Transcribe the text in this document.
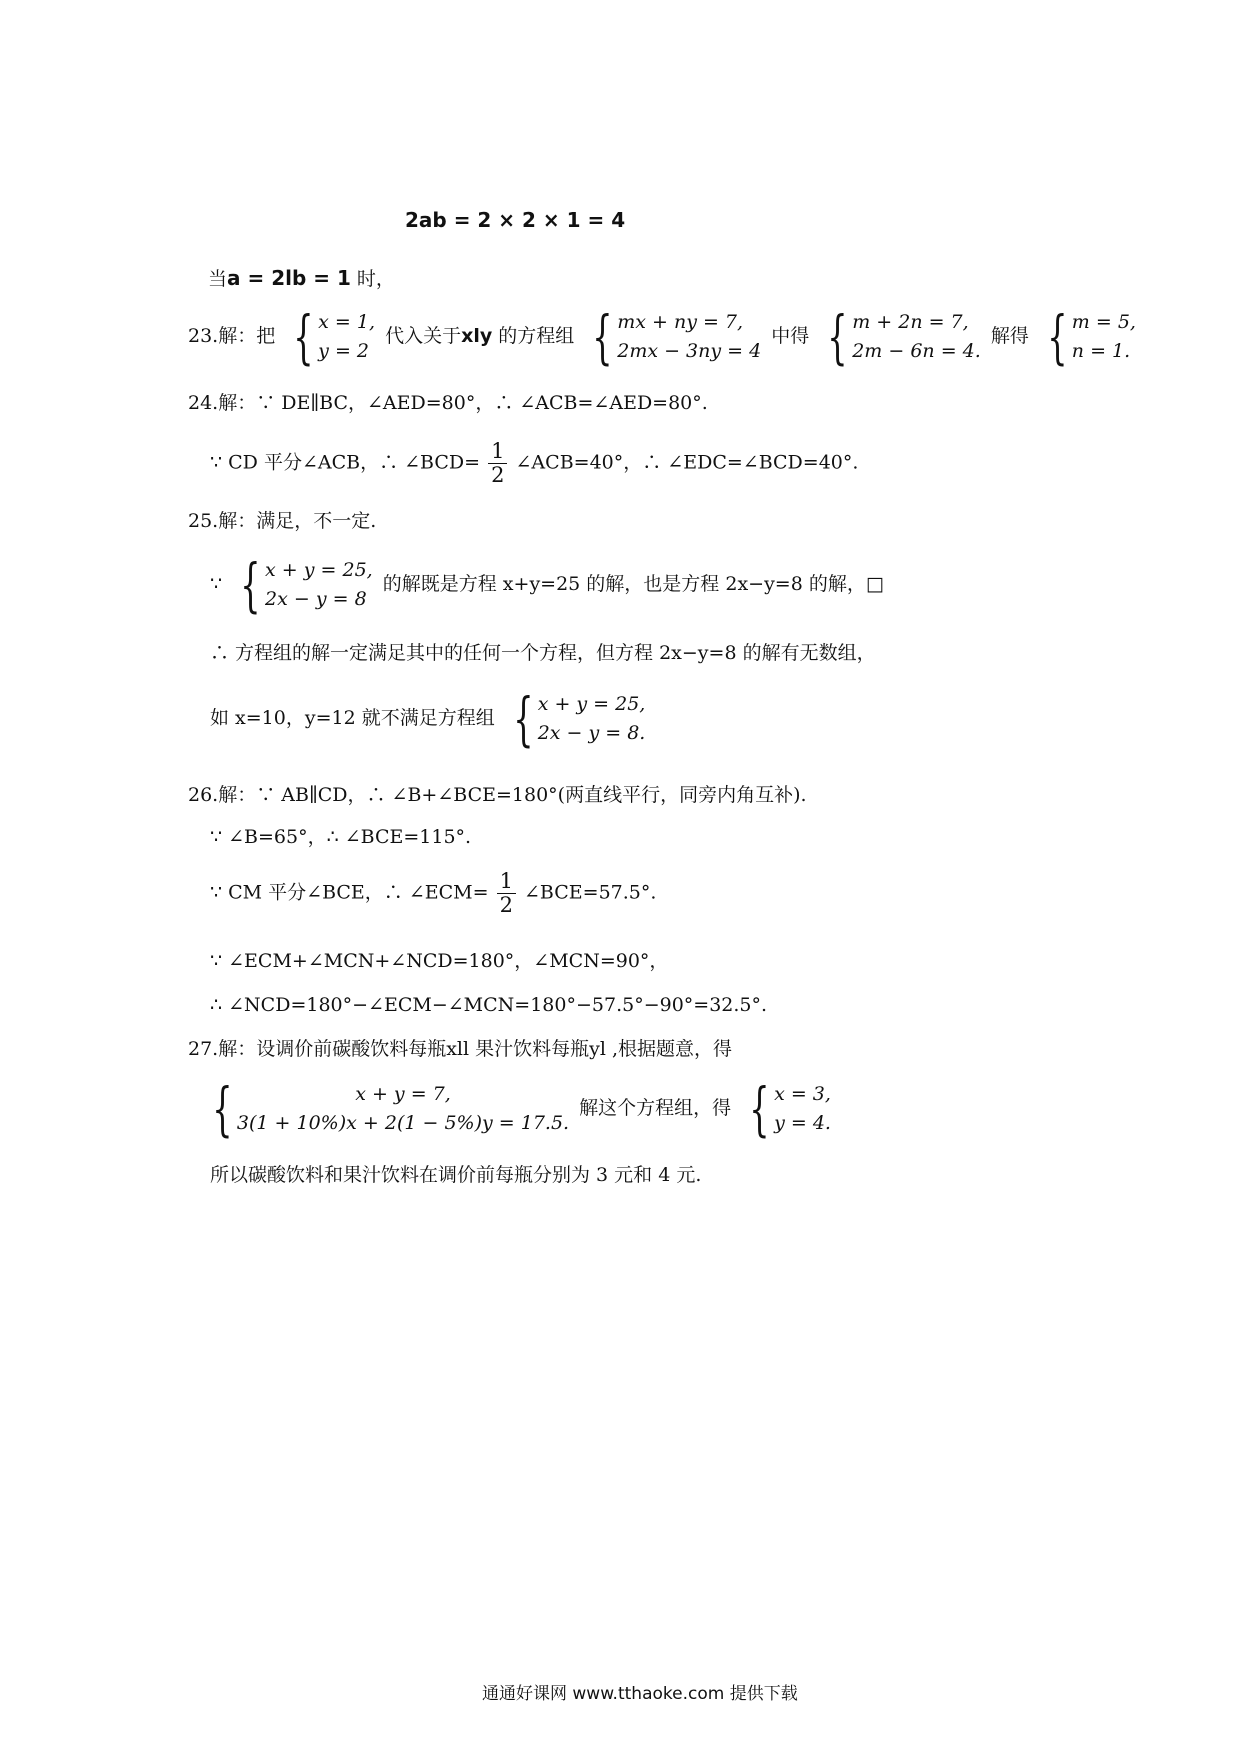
2ab = 2 × 2 × 1 = 4
当a = 2lb = 1 时，
23.解：把 { x = 1,
y = 2
代入关于xly 的方程组 { mx + ny = 7,
2mx − 3ny = 4
中得 { m + 2n = 7,
2m − 6n = 4.
解得 { m = 5,
n = 1.
24.解：∵ DE∥BC，∠AED=80°，∴ ∠ACB=∠AED=80°.
∵ CD 平分∠ACB，∴ ∠BCD= $\frac{1}{2}$ ∠ACB=40°，∴ ∠EDC=∠BCD=40°.
25.解：满足，不一定.
∵ { x + y = 25,
2x − y = 8
的解既是方程 x+y=25 的解，也是方程 2x−y=8 的解，□
∴ 方程组的解一定满足其中的任何一个方程，但方程 2x−y=8 的解有无数组，
如 x=10，y=12 就不满足方程组 { x + y = 25,
2x − y = 8.
26.解：∵ AB∥CD，∴ ∠B+∠BCE=180°(两直线平行，同旁内角互补).
∵ ∠B=65°，∴ ∠BCE=115°.
∵ CM 平分∠BCE，∴ ∠ECM= $\frac{1}{2}$ ∠BCE=57.5°.
∵ ∠ECM+∠MCN+∠NCD=180°，∠MCN=90°，
∴ ∠NCD=180°−∠ECM−∠MCN=180°−57.5°−90°=32.5°.
27.解：设调价前碳酸饮料每瓶xll 果汁饮料每瓶yl ,根据题意，得
{	x + y = 7,
3(1 + 10%)x + 2(1 − 5%)y = 17.5.
解这个方程组，得 { x = 3,
y = 4.
所以碳酸饮料和果汁饮料在调价前每瓶分别为 3 元和 4 元.
通通好课网 www.tthaoke.com 提供下载
